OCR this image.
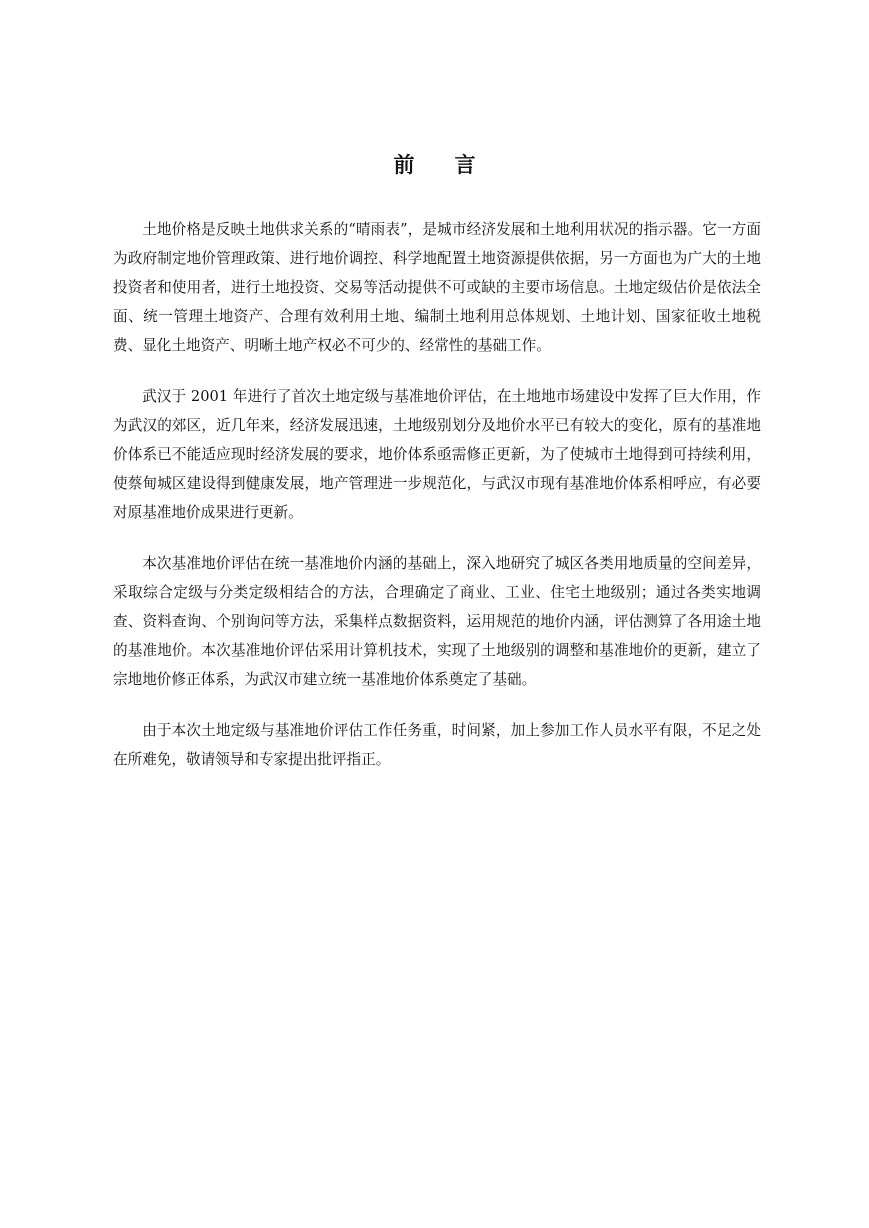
前言

土地价格是反映土地供求关系的“晴雨表”，是城市经济发展和土地利用状况的指示器。它一方面为政府制定地价管理政策、进行地价调控、科学地配置土地资源提供依据，另一方面也为广大的土地投资者和使用者，进行土地投资、交易等活动提供不可或缺的主要市场信息。土地定级估价是依法全面、统一管理土地资产、合理有效利用土地、编制土地利用总体规划、土地计划、国家征收土地税费、显化土地资产、明晰土地产权必不可少的、经常性的基础工作。

武汉于 2001 年进行了首次土地定级与基准地价评估，在土地地市场建设中发挥了巨大作用，作为武汉的郊区，近几年来，经济发展迅速，土地级别划分及地价水平已有较大的变化，原有的基准地价体系已不能适应现时经济发展的要求，地价体系亟需修正更新，为了使城市土地得到可持续利用，使蔡甸城区建设得到健康发展，地产管理进一步规范化，与武汉市现有基准地价体系相呼应，有必要对原基准地价成果进行更新。

本次基准地价评估在统一基准地价内涵的基础上，深入地研究了城区各类用地质量的空间差异，采取综合定级与分类定级相结合的方法，合理确定了商业、工业、住宅土地级别；通过各类实地调查、资料查询、个别询问等方法，采集样点数据资料，运用规范的地价内涵，评估测算了各用途土地的基准地价。本次基准地价评估采用计算机技术，实现了土地级别的调整和基准地价的更新，建立了宗地地价修正体系，为武汉市建立统一基准地价体系奠定了基础。

由于本次土地定级与基准地价评估工作任务重，时间紧，加上参加工作人员水平有限，不足之处在所难免，敬请领导和专家提出批评指正。
